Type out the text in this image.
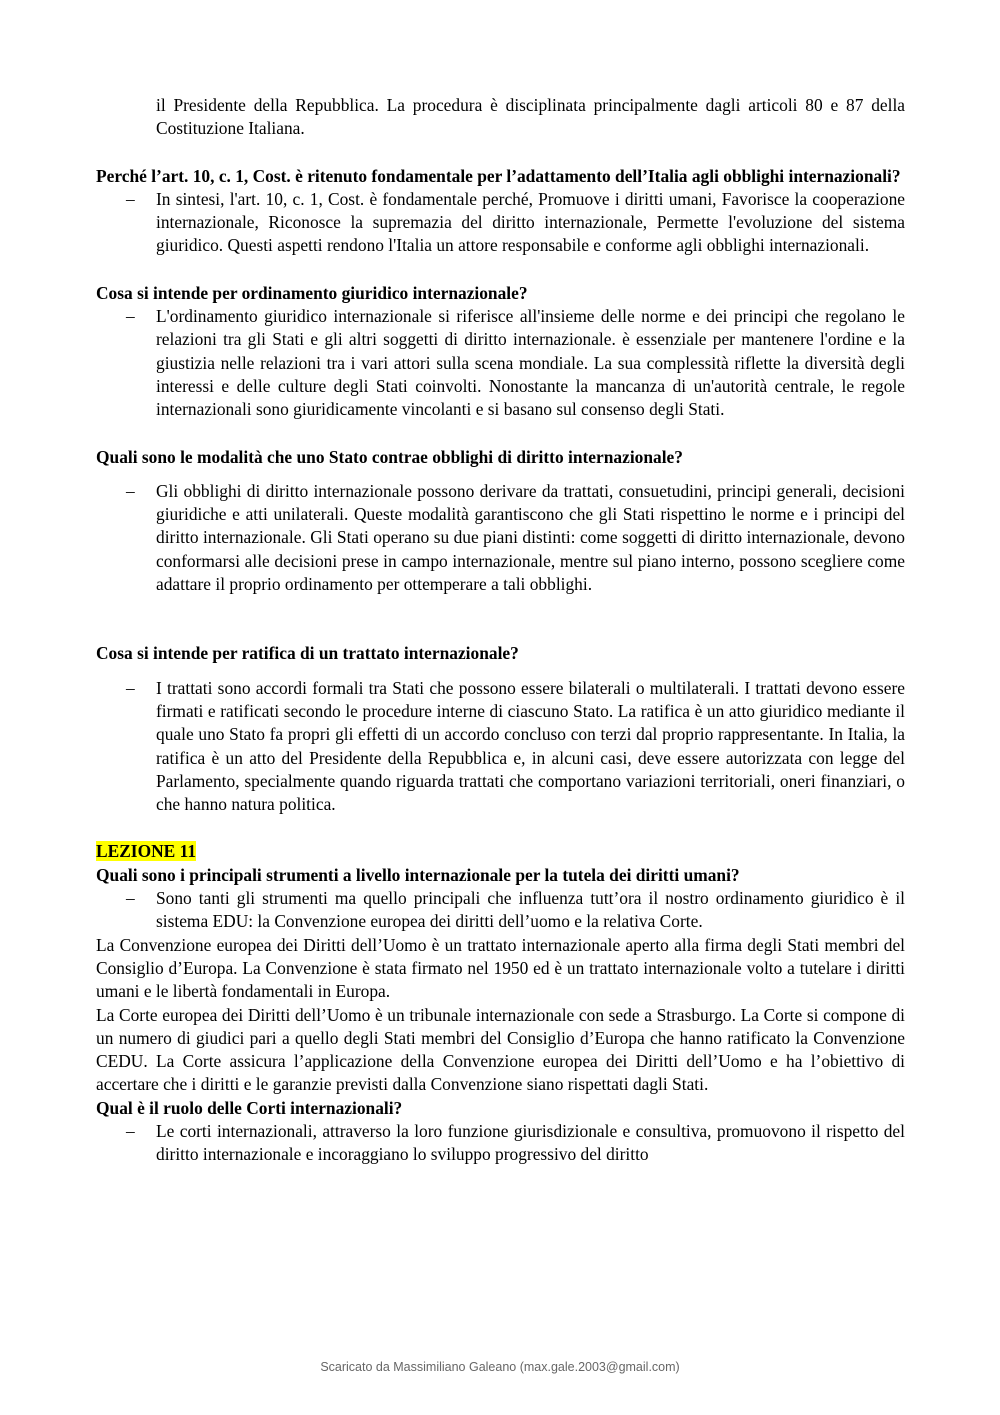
il Presidente della Repubblica. La procedura è disciplinata principalmente dagli articoli 80 e 87 della Costituzione Italiana.

Perché l’art. 10, c. 1, Cost. è ritenuto fondamentale per l’adattamento dell’Italia agli obblighi internazionali?
– In sintesi, l'art. 10, c. 1, Cost. è fondamentale perché, Promuove i diritti umani, Favorisce la cooperazione internazionale, Riconosce la supremazia del diritto internazionale, Permette l'evoluzione del sistema giuridico. Questi aspetti rendono l'Italia un attore responsabile e conforme agli obblighi internazionali.
Cosa si intende per ordinamento giuridico internazionale?
– L'ordinamento giuridico internazionale si riferisce all'insieme delle norme e dei principi che regolano le relazioni tra gli Stati e gli altri soggetti di diritto internazionale. è essenziale per mantenere l'ordine e la giustizia nelle relazioni tra i vari attori sulla scena mondiale. La sua complessità riflette la diversità degli interessi e delle culture degli Stati coinvolti. Nonostante la mancanza di un'autorità centrale, le regole internazionali sono giuridicamente vincolanti e si basano sul consenso degli Stati.
Quali sono le modalità che uno Stato contrae obblighi di diritto internazionale?
– Gli obblighi di diritto internazionale possono derivare da trattati, consuetudini, principi generali, decisioni giuridiche e atti unilaterali. Queste modalità garantiscono che gli Stati rispettino le norme e i principi del diritto internazionale. Gli Stati operano su due piani distinti: come soggetti di diritto internazionale, devono conformarsi alle decisioni prese in campo internazionale, mentre sul piano interno, possono scegliere come adattare il proprio ordinamento per ottemperare a tali obblighi.
Cosa si intende per ratifica di un trattato internazionale?
– I trattati sono accordi formali tra Stati che possono essere bilaterali o multilaterali. I trattati devono essere firmati e ratificati secondo le procedure interne di ciascuno Stato. La ratifica è un atto giuridico mediante il quale uno Stato fa propri gli effetti di un accordo concluso con terzi dal proprio rappresentante. In Italia, la ratifica è un atto del Presidente della Repubblica e, in alcuni casi, deve essere autorizzata con legge del Parlamento, specialmente quando riguarda trattati che comportano variazioni territoriali, oneri finanziari, o che hanno natura politica.

LEZIONE 11

Quali sono i principali strumenti a livello internazionale per la tutela dei diritti umani?
– Sono tanti gli strumenti ma quello principali che influenza tutt’ora il nostro ordinamento giuridico è il sistema EDU: la Convenzione europea dei diritti dell’uomo e la relativa Corte.

La Convenzione europea dei Diritti dell’Uomo è un trattato internazionale aperto alla firma degli Stati membri del Consiglio d’Europa. La Convenzione è stata firmato nel 1950 ed è un trattato internazionale volto a tutelare i diritti umani e le libertà fondamentali in Europa.

La Corte europea dei Diritti dell’Uomo è un tribunale internazionale con sede a Strasburgo. La Corte si compone di un numero di giudici pari a quello degli Stati membri del Consiglio d’Europa che hanno ratificato la Convenzione CEDU. La Corte assicura l’applicazione della Convenzione europea dei Diritti dell’Uomo e ha l’obiettivo di accertare che i diritti e le garanzie previsti dalla Convenzione siano rispettati dagli Stati.

Qual è il ruolo delle Corti internazionali?
– Le corti internazionali, attraverso la loro funzione giurisdizionale e consultiva, promuovono il rispetto del diritto internazionale e incoraggiano lo sviluppo progressivo del diritto
Scaricato da Massimiliano Galeano (max.gale.2003@gmail.com)
